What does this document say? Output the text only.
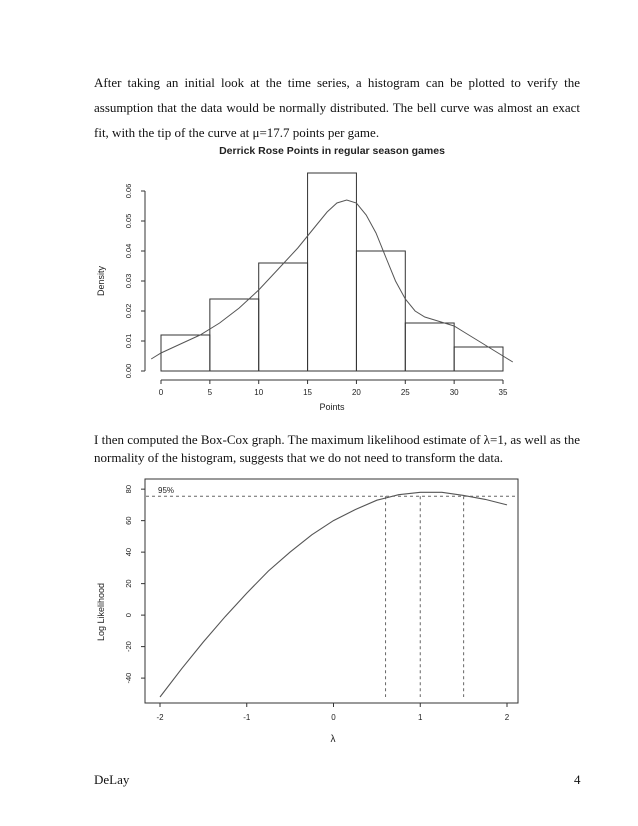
After taking an initial look at the time series, a histogram can be plotted to verify the assumption that the data would be normally distributed. The bell curve was almost an exact fit, with the tip of the curve at μ=17.7 points per game.
Derrick Rose Points in regular season games
0	5	10	15	20	25	30	35
0.00
0.01
0.02
0.03
0.04
0.05
0.06
Density
Points
I then computed the Box-Cox graph. The maximum likelihood estimate of λ=1, as well as the normality of the histogram, suggests that we do not need to transform the data.
-2	-1	0	1	2
-40
-20
0
20
40
60
80	95%
Log Likelihood
λ
DeLay	4
